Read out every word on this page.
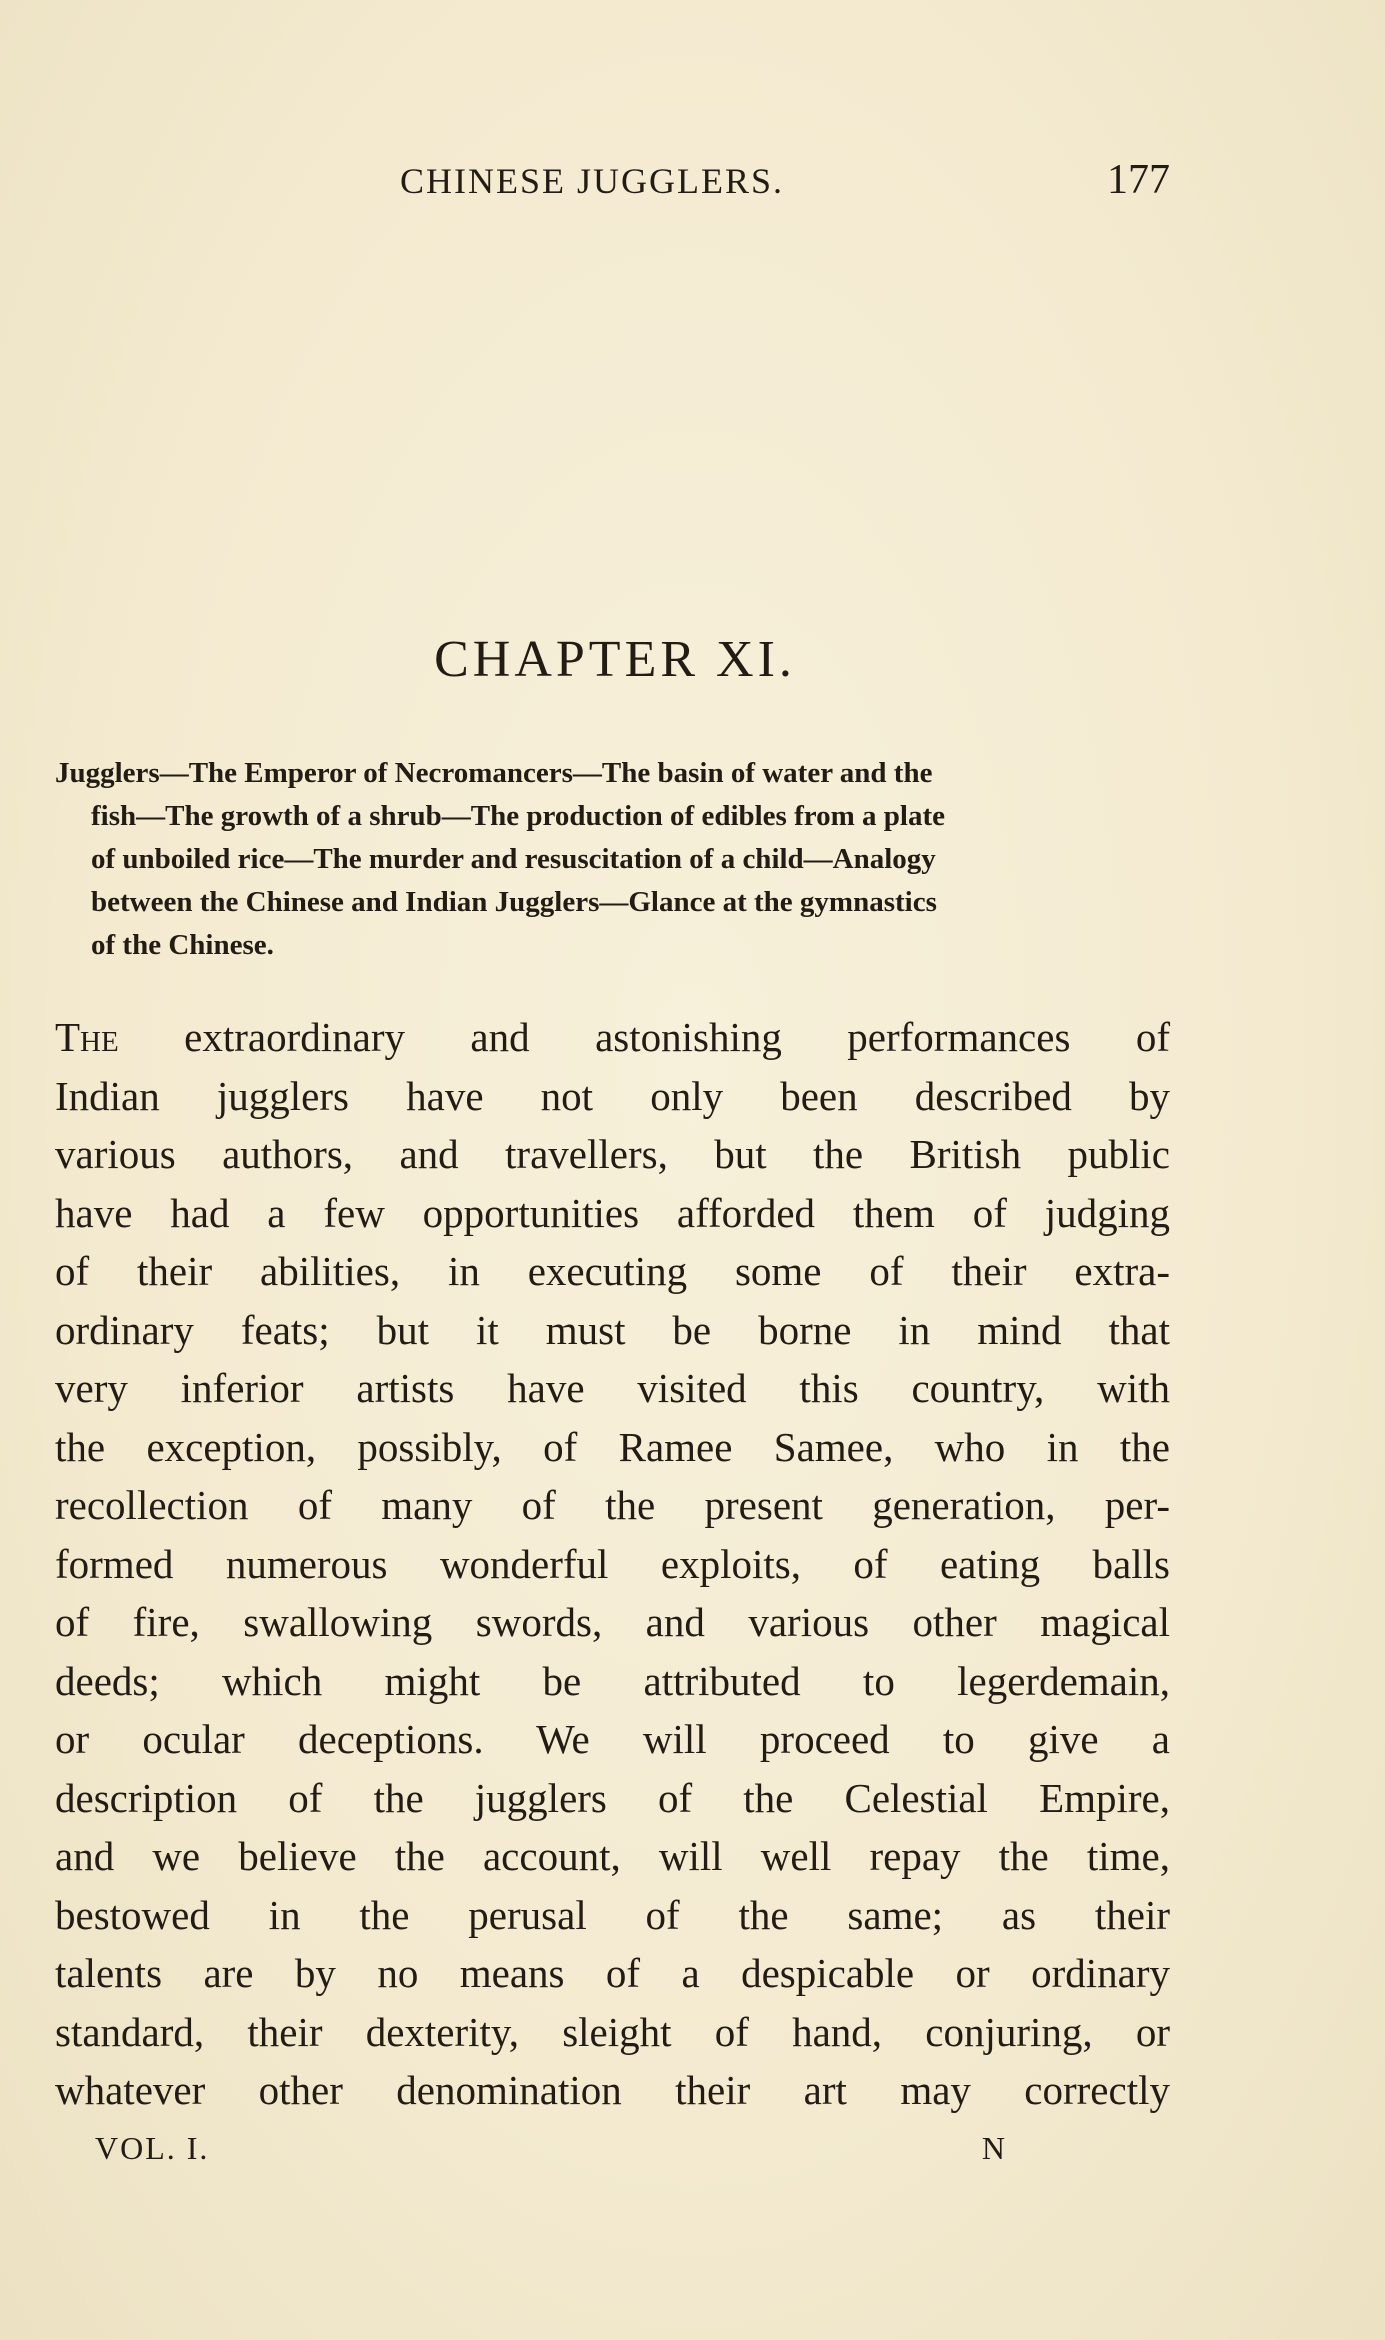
CHINESE JUGGLERS.	177
CHAPTER XI.
Jugglers—The Emperor of Necromancers—The basin of water and the
fish—The growth of a shrub—The production of edibles from a plate
of unboiled rice—The murder and resuscitation of a child—Analogy
between the Chinese and Indian Jugglers—Glance at the gymnastics
of the Chinese.
The extraordinary and astonishing performances of
Indian jugglers have not only been described by
various authors, and travellers, but the British public
have had a few opportunities afforded them of judging
of their abilities, in executing some of their extra-
ordinary feats; but it must be borne in mind that
very inferior artists have visited this country, with
the exception, possibly, of Ramee Samee, who in the
recollection of many of the present generation, per-
formed numerous wonderful exploits, of eating balls
of fire, swallowing swords, and various other magical
deeds; which might be attributed to legerdemain,
or ocular deceptions. We will proceed to give a
description of the jugglers of the Celestial Empire,
and we believe the account, will well repay the time,
bestowed in the perusal of the same; as their
talents are by no means of a despicable or ordinary
standard, their dexterity, sleight of hand, conjuring, or
whatever other denomination their art may correctly
VOL. I.	N
